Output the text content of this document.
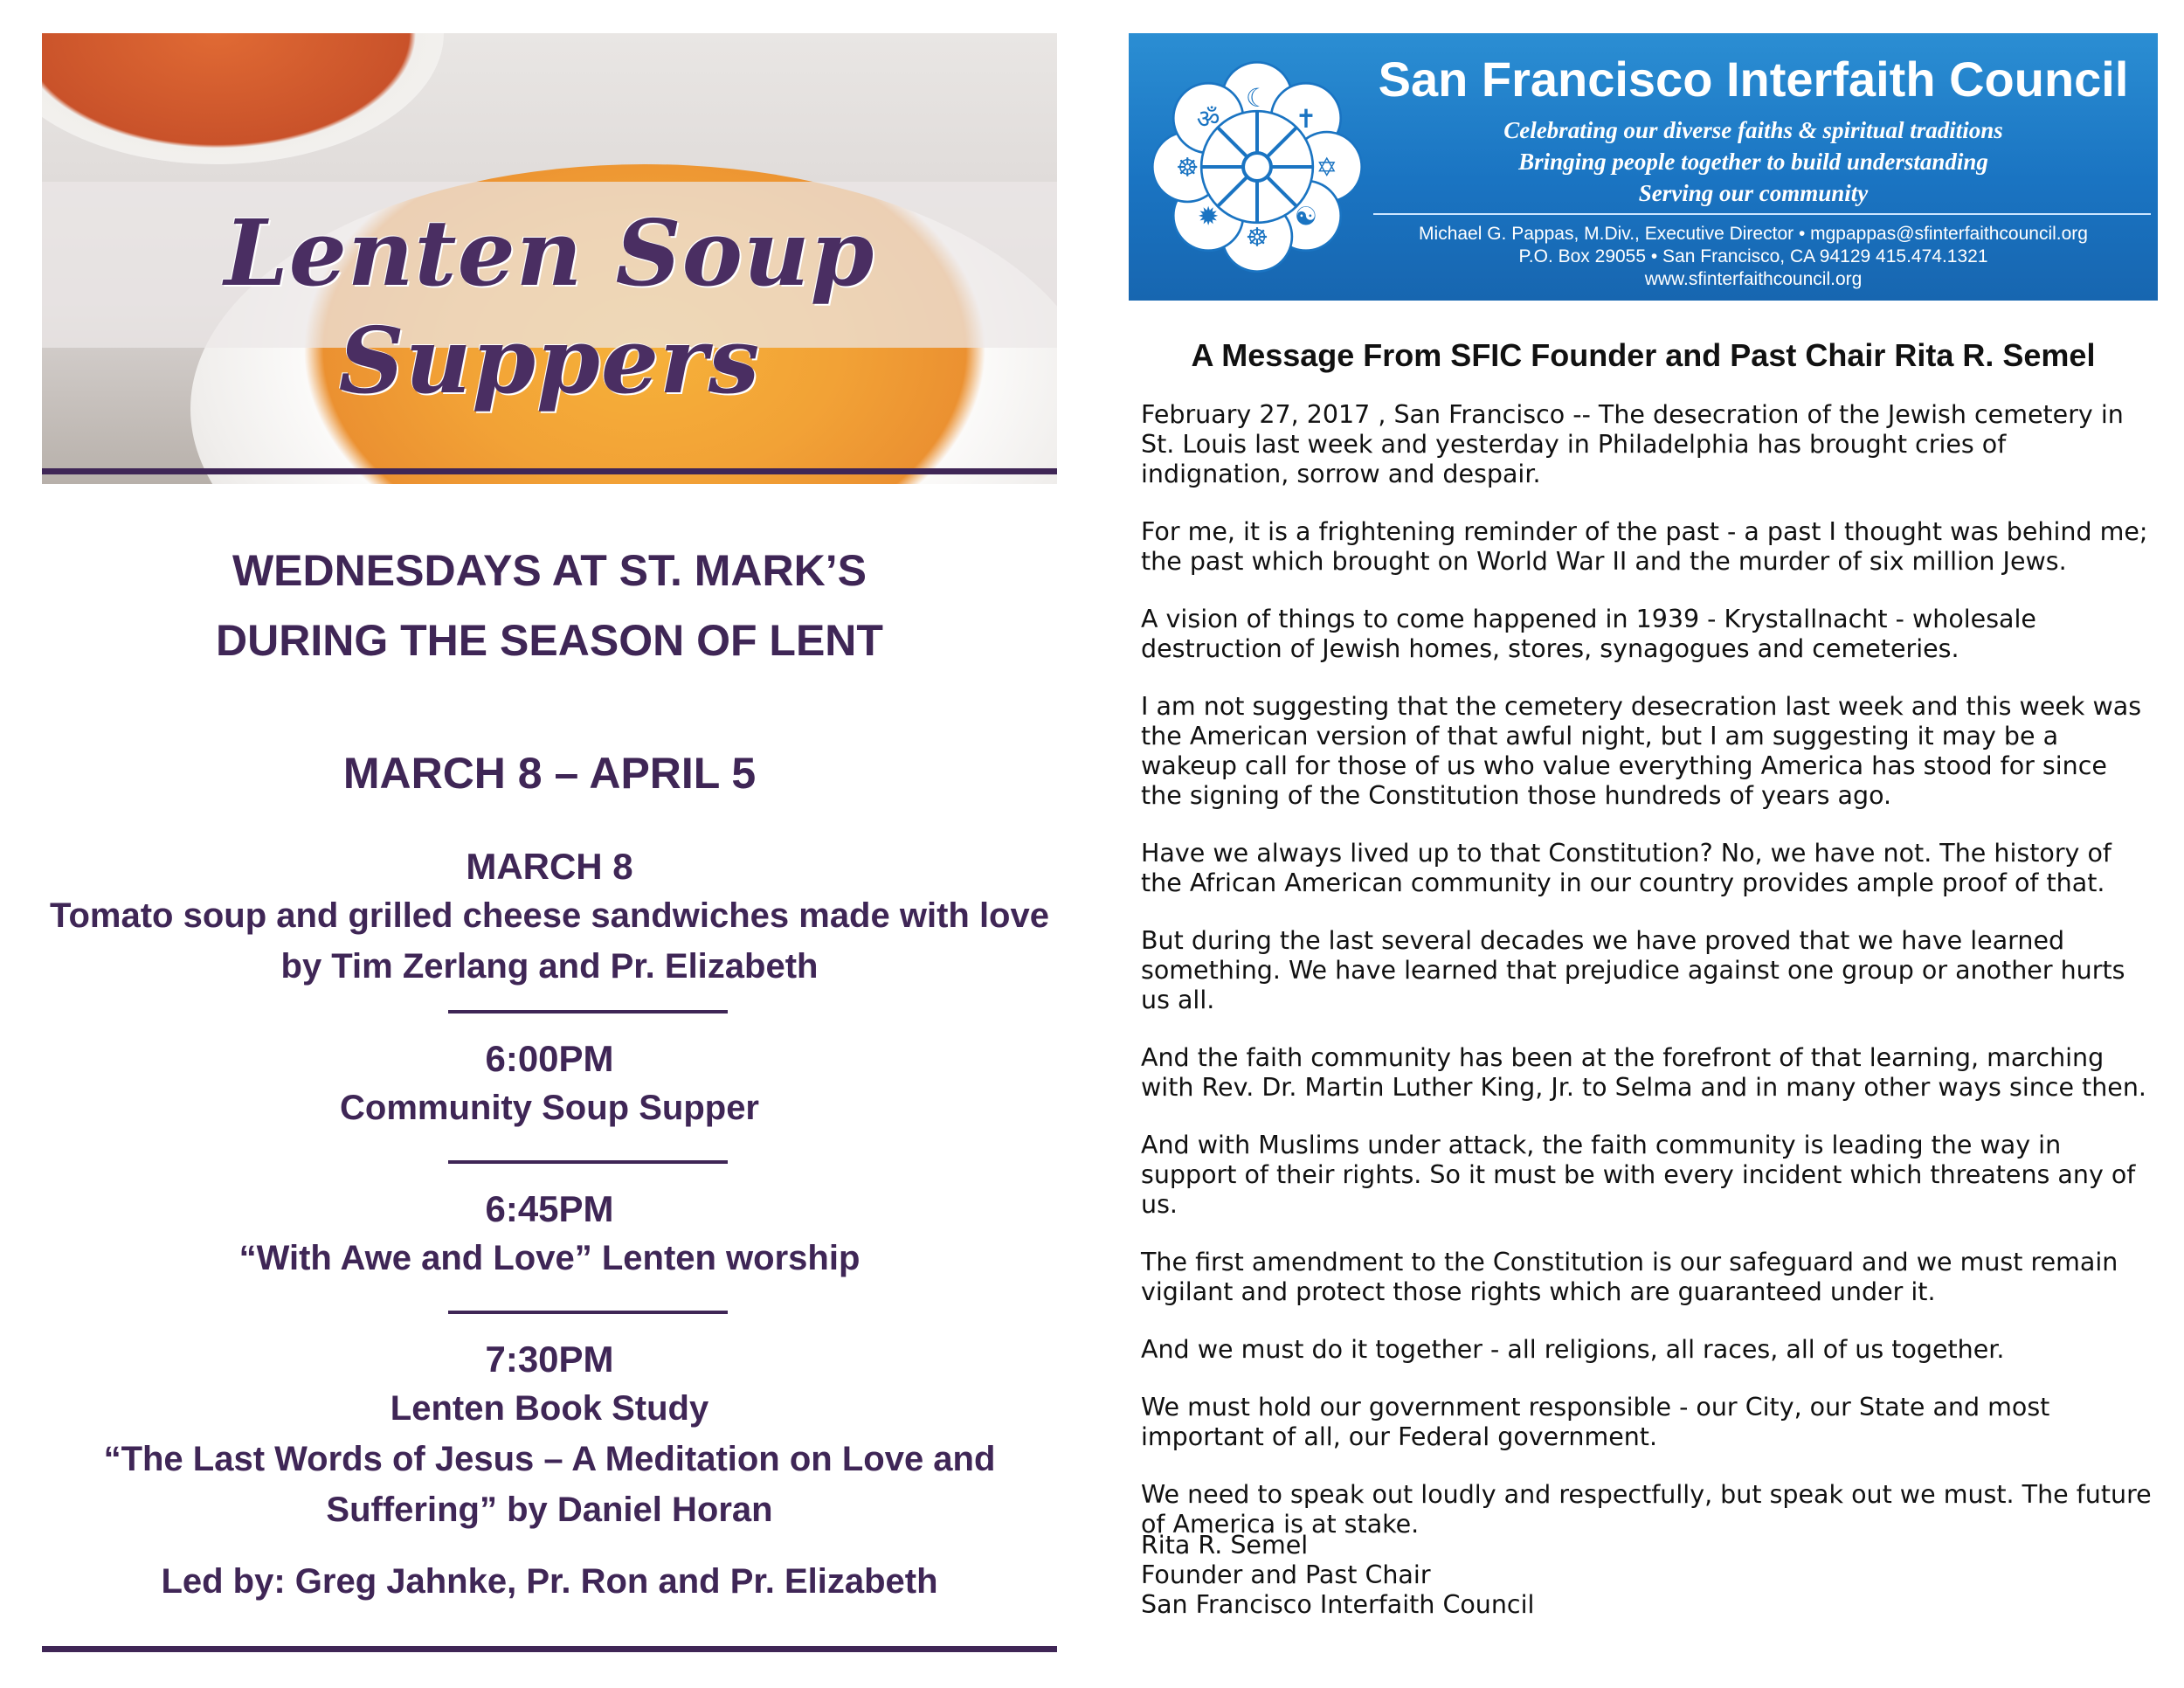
Lenten Soup Suppers
WEDNESDAYS AT ST. MARK’S
DURING THE SEASON OF LENT
MARCH 8 – APRIL 5
MARCH 8
Tomato soup and grilled cheese sandwiches made with love
by Tim Zerlang and Pr. Elizabeth
6:00PM
Community Soup Supper
6:45PM
“With Awe and Love” Lenten worship
7:30PM
Lenten Book Study
“The Last Words of Jesus – A Meditation on Love and
Suffering” by Daniel Horan
Led by: Greg Jahnke, Pr. Ron and Pr. Elizabeth
☾
✝
✡
☯
☸
✹
☸
ॐ
San Francisco Interfaith Council
Celebrating our diverse faiths & spiritual traditions
Bringing people together to build understanding
Serving our community
Michael G. Pappas, M.Div., Executive Director • mgpappas@sfinterfaithcouncil.org
P.O. Box 29055 • San Francisco, CA 94129 415.474.1321
www.sfinterfaithcouncil.org
A Message From SFIC Founder and Past Chair Rita R. Semel

February 27, 2017 , San Francisco -- The desecration of the Jewish cemetery in St. Louis last week and yesterday in Philadelphia has brought cries of indignation, sorrow and despair.

For me, it is a frightening reminder of the past - a past I thought was behind me; the past which brought on World War II and the murder of six million Jews.

A vision of things to come happened in 1939 - Krystallnacht - wholesale destruction of Jewish homes, stores, synagogues and cemeteries.

I am not suggesting that the cemetery desecration last week and this week was the American version of that awful night, but I am suggesting it may be a wakeup call for those of us who value everything America has stood for since the signing of the Constitution those hundreds of years ago.

Have we always lived up to that Constitution? No, we have not. The history of the African American community in our country provides ample proof of that.

But during the last several decades we have proved that we have learned something. We have learned that prejudice against one group or another hurts us all.

And the faith community has been at the forefront of that learning, marching with Rev. Dr. Martin Luther King, Jr. to Selma and in many other ways since then.

And with Muslims under attack, the faith community is leading the way in support of their rights. So it must be with every incident which threatens any of us.

The first amendment to the Constitution is our safeguard and we must remain vigilant and protect those rights which are guaranteed under it.

And we must do it together - all religions, all races, all of us together.

We must hold our government responsible - our City, our State and most important of all, our Federal government.

We need to speak out loudly and respectfully, but speak out we must. The future of America is at stake.

Rita R. Semel
Founder and Past Chair
San Francisco Interfaith Council
